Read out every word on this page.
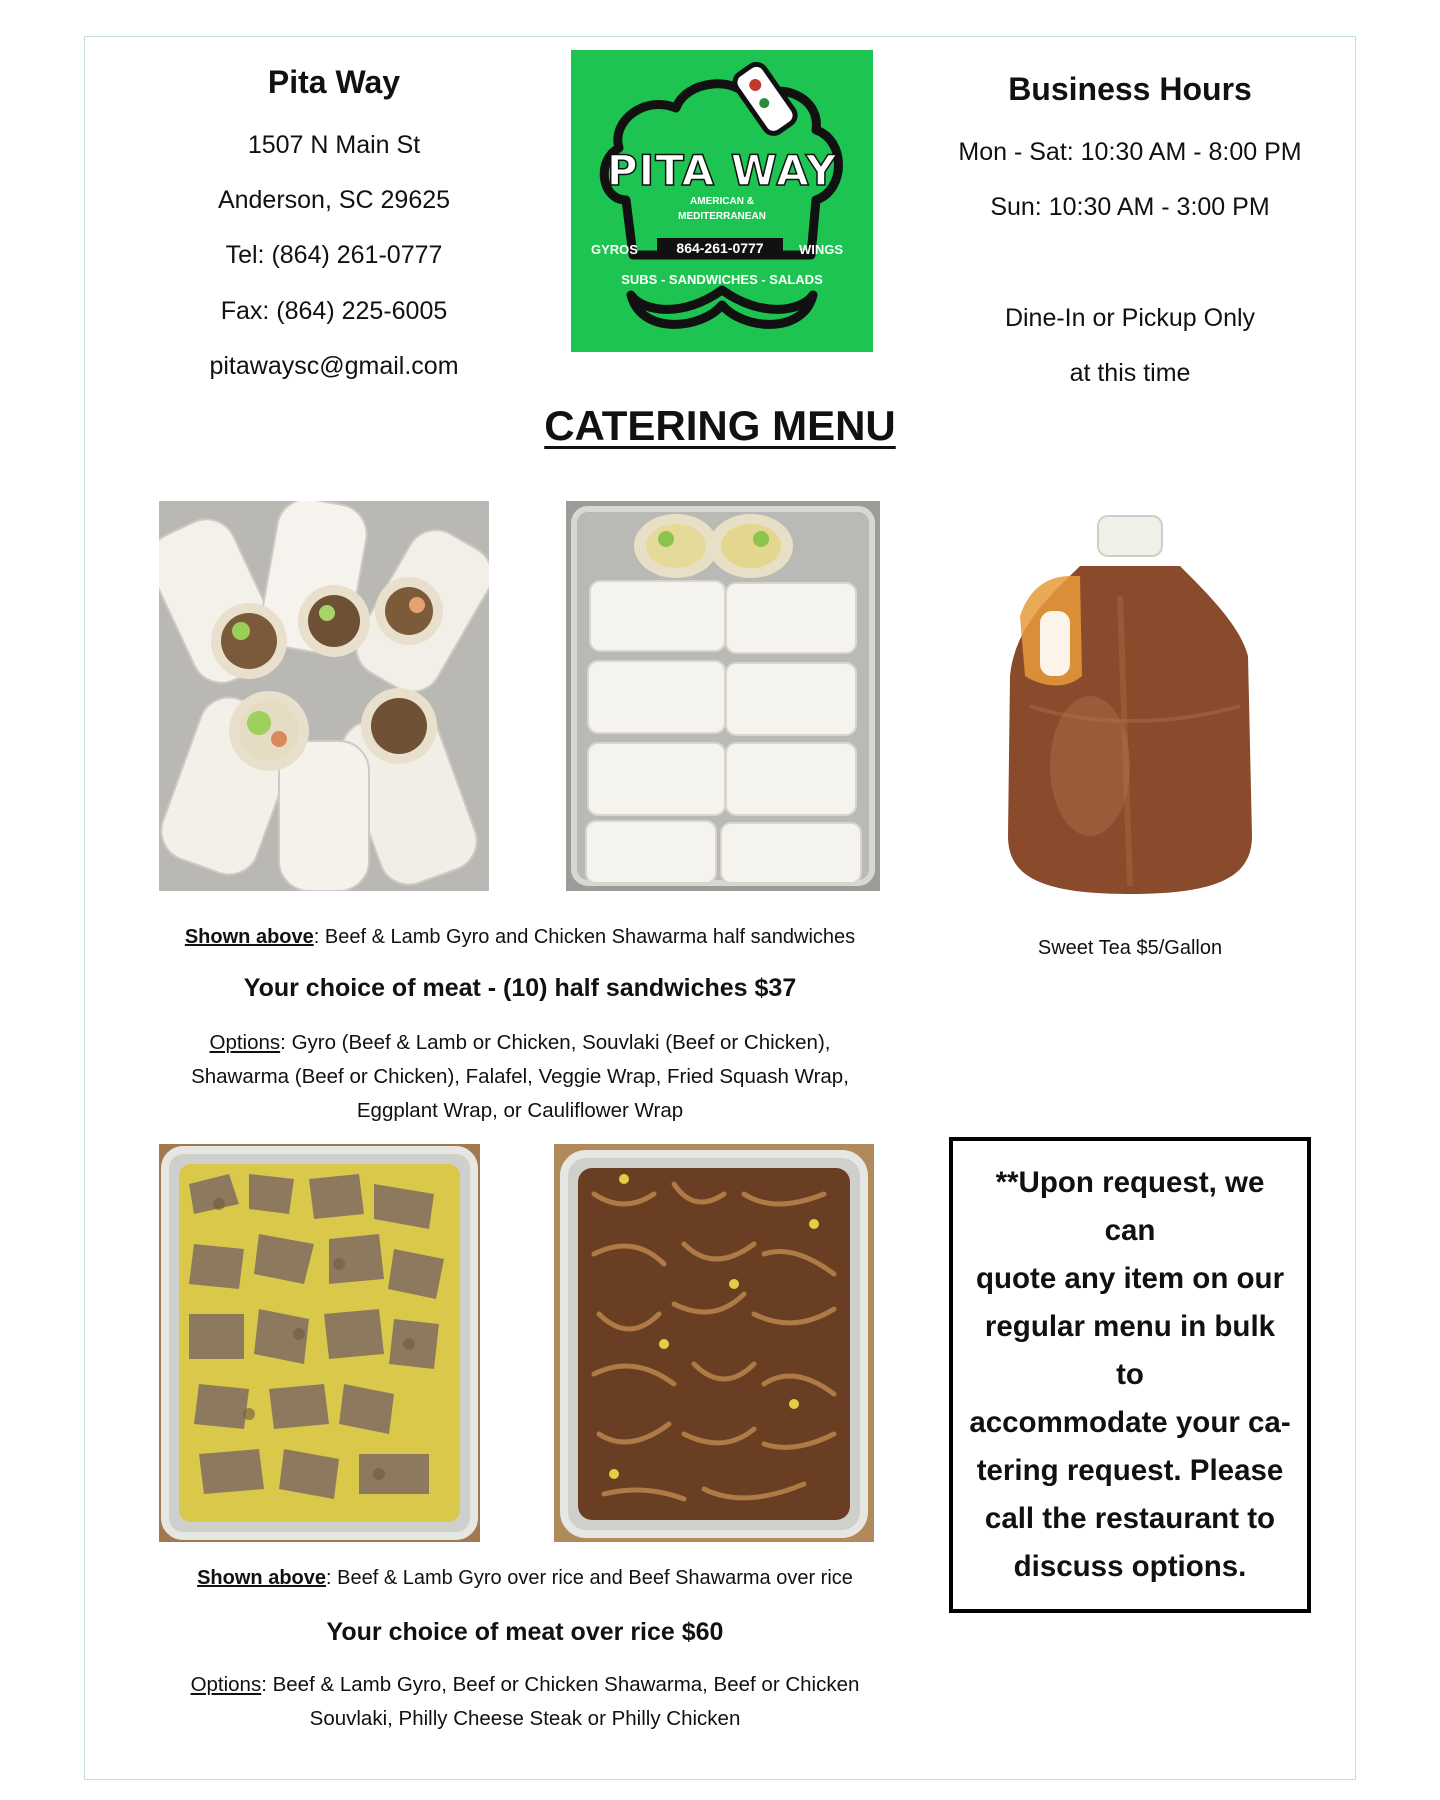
Pita Way
1507 N Main St
Anderson, SC 29625
Tel: (864) 261-0777
Fax: (864) 225-6005
pitawaysc@gmail.com
PITA WAY
AMERICAN &
MEDITERRANEAN
GYROS	864-261-0777	WINGS
SUBS - SANDWICHES - SALADS
Business Hours
Mon - Sat: 10:30 AM - 8:00 PM
Sun: 10:30 AM - 3:00 PM
Dine-In or Pickup Only
at this time
CATERING MENU
Shown above: Beef & Lamb Gyro and Chicken Shawarma half sandwiches
Your choice of meat - (10) half sandwiches $37
Options: Gyro (Beef & Lamb or Chicken, Souvlaki (Beef or Chicken),
Shawarma (Beef or Chicken), Falafel, Veggie Wrap, Fried Squash Wrap,
Eggplant Wrap, or Cauliflower Wrap
Sweet Tea $5/Gallon
Shown above: Beef & Lamb Gyro over rice and Beef Shawarma over rice
Your choice of meat over rice $60
Options: Beef & Lamb Gyro, Beef or Chicken Shawarma, Beef or Chicken
Souvlaki, Philly Cheese Steak or Philly Chicken
**Upon request, we can
quote any item on our
regular menu in bulk to
accommodate your ca-
tering request. Please
call the restaurant to
discuss options.
